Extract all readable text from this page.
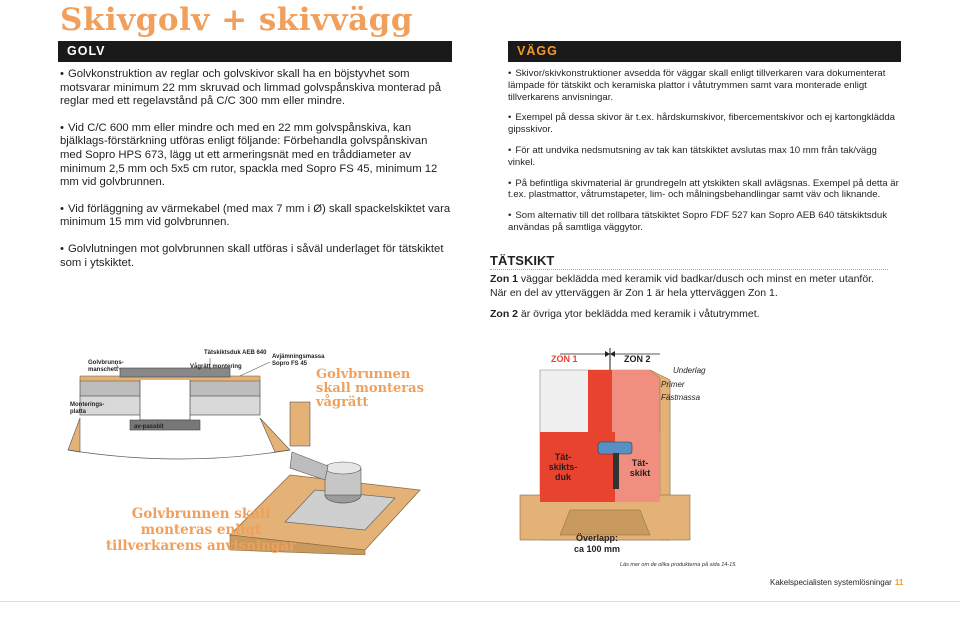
Skivgolv + skivvägg
GOLV
• Golvkonstruktion av reglar och golvskivor skall ha en böjstyvhet som motsvarar minimum 22 mm skruvad och limmad golvspånskiva monterad på reglar med ett regelavstånd på C/C 300 mm eller mindre.
• Vid C/C 600 mm eller mindre och med en 22 mm golvspånskiva, kan bjälklags-förstärkning utföras enligt följande: Förbehandla golvspånskivan med Sopro HPS 673, lägg ut ett armeringsnät med en tråddiameter av minimum 2,5 mm och 5x5 cm rutor, spackla med Sopro FS 45, minimum 12 mm vid golvbrunnen.
• Vid förläggning av värmekabel (med max 7 mm i Ø) skall spackelskiktet vara minimum 15 mm vid golvbrunnen.
• Golvlutningen mot golvbrunnen skall utföras i såväl underlaget för tätskiktet som i ytskiktet.
VÄGG
• Skivor/skivkonstruktioner avsedda för väggar skall enligt tillverkaren vara dokumenterat lämpade för tätskikt och keramiska plattor i våtutrymmen samt vara monterade enligt tillverkarens anvisningar.
• Exempel på dessa skivor är t.ex. hårdskumskivor, fibercementskivor och ej kartongklädda gipsskivor.
• För att undvika nedsmutsning av tak kan tätskiktet avslutas max 10 mm från tak/vägg vinkel.
• På befintliga skivmaterial är grundregeln att ytskikten skall avlägsnas. Exempel på detta är t.ex. plastmattor, våtrumstapeter, lim- och målningsbehandlingar samt väv och liknande.
• Som alternativ till det rollbara tätskiktet Sopro FDF 527 kan Sopro AEB 640 tätskiktsduk användas på samtliga väggytor.
TÄTSKIKT
Zon 1 väggar beklädda med keramik vid badkar/dusch och minst en meter utanför.
När en del av ytterväggen är Zon 1 är hela ytterväggen Zon 1.
Zon 2 är övriga ytor beklädda med keramik i våtutrymmet.
Golvbrunns-manschett
Tätskiktsduk AEB 640
Vågrätt montering
Avjämningsmassa Sopro FS 45
Monterings-platta
av-passbit
Golvbrunnen skall monteras vågrätt
Golvbrunnen skall monteras enligt tillverkarens anvisningar
ZON 1	ZON 2
Underlag
Primer
Fästmassa
Tät-skikts-duk
Tät-skikt
Överlapp:
ca 100 mm
Läs mer om de olika produkterna på sida 14-15.
Kakelspecialisten systemlösningar 11
